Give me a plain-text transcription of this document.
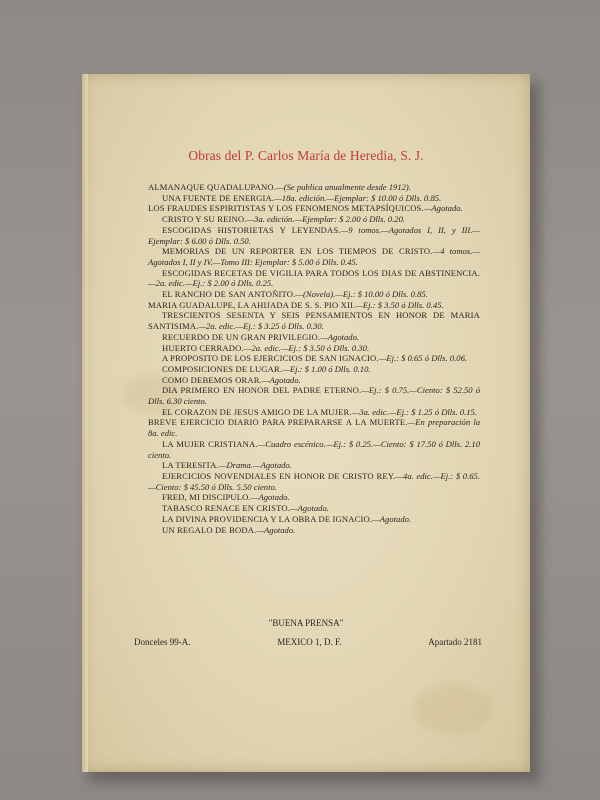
Obras del P. Carlos María de Heredia, S. J.

ALMANAQUE QUADALUPANO.—(Se publica anualmente desde 1912).

UNA FUENTE DE ENERGIA.—18a. edición.—Ejemplar: $ 10.00 ó Dlls. 0.85.

LOS FRAUDES ESPIRITISTAS Y LOS FENOMENOS METAPSÍQUICOS.—Agotado.

CRISTO Y SU REINO.—3a. edición.—Ejemplar: $ 2.00 ó Dlls. 0.20.

ESCOGIDAS HISTORIETAS Y LEYENDAS.—9 tomos.—Agotados I, II, y III.—Ejemplar: $ 6.00 ó Dlls. 0.50.

MEMORIAS DE UN REPORTER EN LOS TIEMPOS DE CRISTO.—4 tomos.—Agotados I, II y IV.—Tomo III: Ejemplar: $ 5.00 ó Dlls. 0.45.

ESCOGIDAS RECETAS DE VIGILIA PARA TODOS LOS DIAS DE ABSTINENCIA.—2a. edic.—Ej.: $ 2.00 ó Dlls. 0.25.

EL RANCHO DE SAN ANTOÑITO.—(Novela).—Ej.: $ 10.00 ó Dlls. 0.85.

MARIA GUADALUPE, LA AHIJADA DE S. S. PIO XII.—Ej.: $ 3.50 ó Dlls. 0.45.

TRESCIENTOS SESENTA Y SEIS PENSAMIENTOS EN HONOR DE MARIA SANTISIMA.—2a. edic.—Ej.: $ 3.25 ó Dlls. 0.30.

RECUERDO DE UN GRAN PRIVILEGIO.—Agotado.

HUERTO CERRADO.—2a. edic.—Ej.: $ 3.50 ó Dlls. 0.30.

A PROPOSITO DE LOS EJERCICIOS DE SAN IGNACIO.—Ej.: $ 0.65 ó Dlls. 0.06.

COMPOSICIONES DE LUGAR.—Ej.: $ 1.00 ó Dlls. 0.10.

COMO DEBEMOS ORAR.—Agotado.

DIA PRIMERO EN HONOR DEL PADRE ETERNO.—Ej.: $ 0.75.—Ciento: $ 52.50 ó Dlls. 6.30 ciento.

EL CORAZON DE JESUS AMIGO DE LA MUJER.—3a. edic.—Ej.: $ 1.25 ó Dlls. 0.15.

BREVE EJERCICIO DIARIO PARA PREPARARSE A LA MUERTE.—En preparación la 8a. edic.

LA MUJER CRISTIANA.—Cuadro escénico.—Ej.: $ 0.25.—Ciento: $ 17.50 ó Dlls. 2.10 ciento.

LA TERESITA.—Drama.—Agotado.

EJERCICIOS NOVENDIALES EN HONOR DE CRISTO REY.—4a. edic.—Ej.: $ 0.65.—Ciento: $ 45.50 ó Dlls. 5.50 ciento.

FRED, MI DISCIPULO.—Agotado.

TABASCO RENACE EN CRISTO.—Agotado.

LA DIVINA PROVIDENCIA Y LA OBRA DE IGNACIO.—Agotado.

UN REGALO DE BODA.—Agotado.

"BUENA PRENSA"
Donceles 99-A.	MEXICO 1, D. F.	Apartado 2181
